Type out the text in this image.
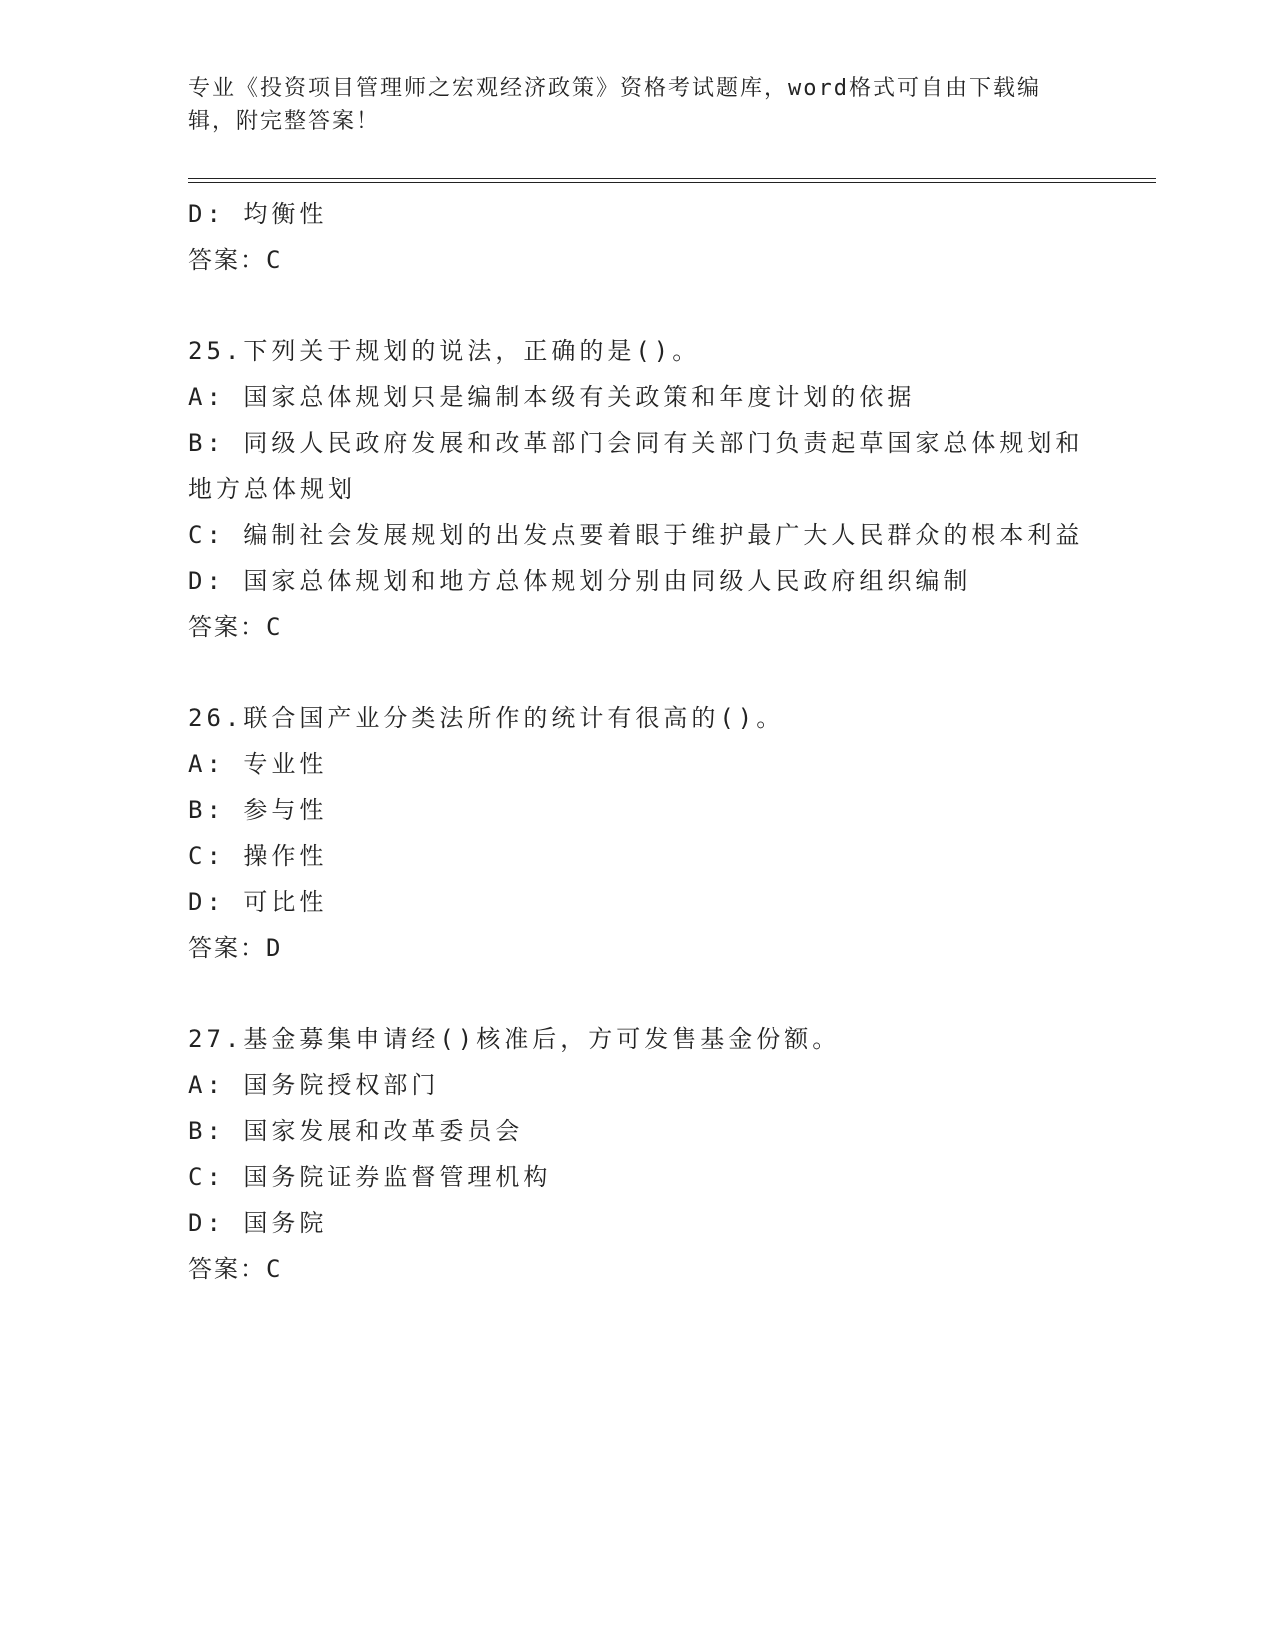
专业《投资项目管理师之宏观经济政策》资格考试题库，word格式可自由下载编辑，附完整答案！
D: 均衡性
答案：C
25.下列关于规划的说法，正确的是()。
A: 国家总体规划只是编制本级有关政策和年度计划的依据
B: 同级人民政府发展和改革部门会同有关部门负责起草国家总体规划和地方总体规划
C: 编制社会发展规划的出发点要着眼于维护最广大人民群众的根本利益
D: 国家总体规划和地方总体规划分别由同级人民政府组织编制
答案：C
26.联合国产业分类法所作的统计有很高的()。
A: 专业性
B: 参与性
C: 操作性
D: 可比性
答案：D
27.基金募集申请经()核准后，方可发售基金份额。
A: 国务院授权部门
B: 国家发展和改革委员会
C: 国务院证券监督管理机构
D: 国务院
答案：C
